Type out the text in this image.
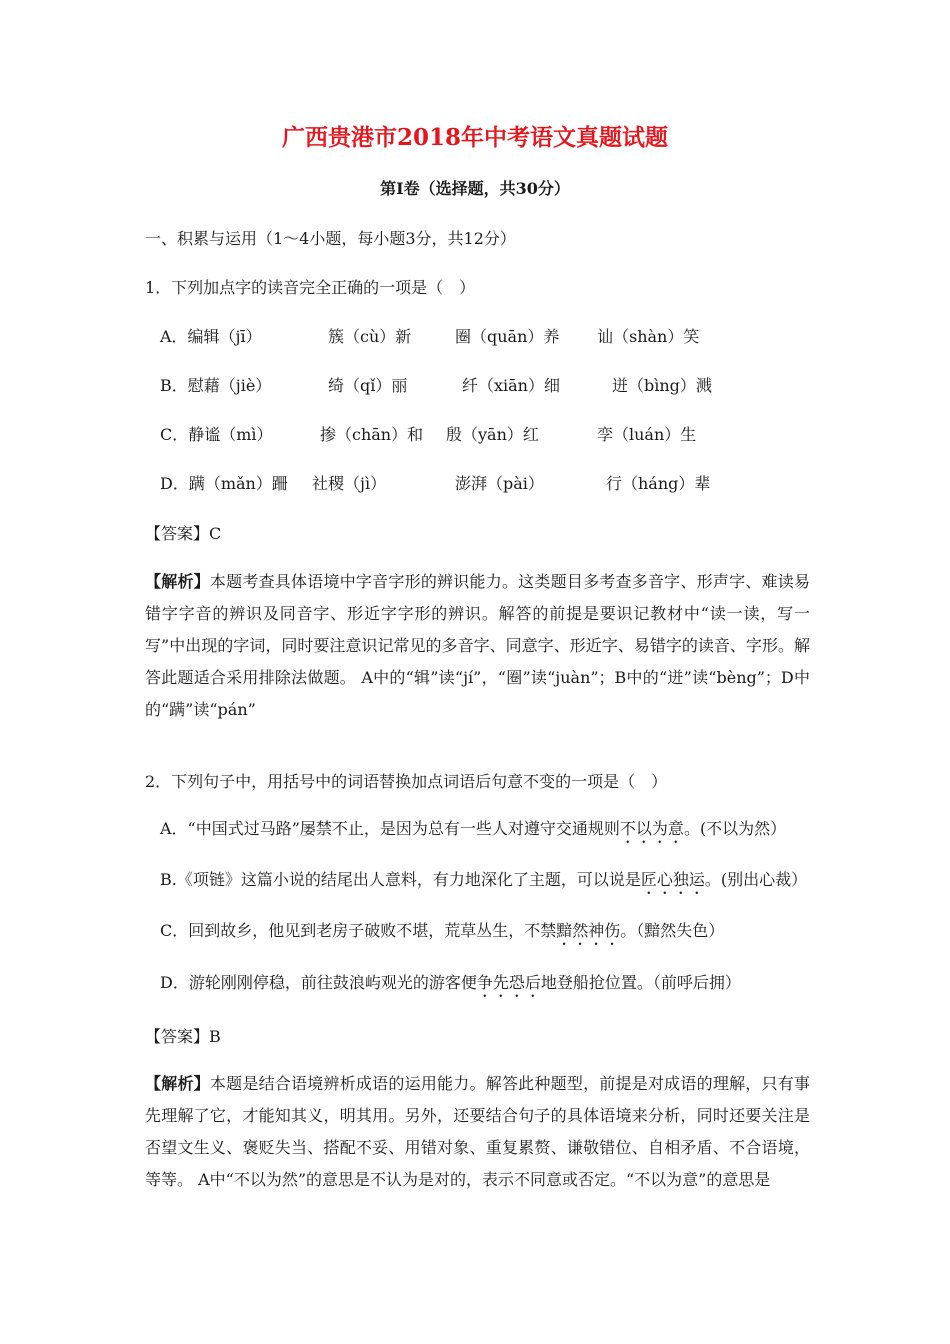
广西贵港市2018年中考语文真题试题
第Ⅰ卷（选择题，共30分）
一、积累与运用（1～4小题，每小题3分，共12分）
1．下列加点字的读音完全正确的一项是（　）
A．编辑（jī）	簇（cù）新	圈（quān）养 讪（shàn）笑
B．慰藉（jiè）	绮（qǐ）丽	纤（xiān）细	迸（bìng）溅
C．静谧（mì）	掺（chān）和 殷（yān）红	孪（luán）生
D．蹒（mǎn）跚 社稷（jì）	澎湃（pài）	行（háng）辈
【答案】C
【解析】本题考查具体语境中字音字形的辨识能力。这类题目多考查多音字、形声字、难读易错字字音的辨识及同音字、形近字字形的辨识。解答的前提是要识记教材中“读一读，写一写”中出现的字词，同时要注意识记常见的多音字、同意字、形近字、易错字的读音、字形。解答此题适合采用排除法做题。 A中的“辑”读“jí”，“圈”读“juàn”；B中的“迸”读“bèng”；D中的“蹒”读“pán”
2．下列句子中，用括号中的词语替换加点词语后句意不变的一项是（　）
A．“中国式过马路”屡禁不止，是因为总有一些人对遵守交通规则不以为意。(不以为然）
B.《项链》这篇小说的结尾出人意料，有力地深化了主题，可以说是匠心独运。(别出心裁）
C．回到故乡，他见到老房子破败不堪，荒草丛生，不禁黯然神伤。（黯然失色）
D．游轮刚刚停稳，前往鼓浪屿观光的游客便争先恐后地登船抢位置。（前呼后拥）
【答案】B
【解析】本题是结合语境辨析成语的运用能力。解答此种题型，前提是对成语的理解，只有事先理解了它，才能知其义，明其用。另外，还要结合句子的具体语境来分析，同时还要关注是否望文生义、褒贬失当、搭配不妥、用错对象、重复累赘、谦敬错位、自相矛盾、不合语境，等等。 A中“不以为然”的意思是不认为是对的，表示不同意或否定。“不以为意”的意思是
